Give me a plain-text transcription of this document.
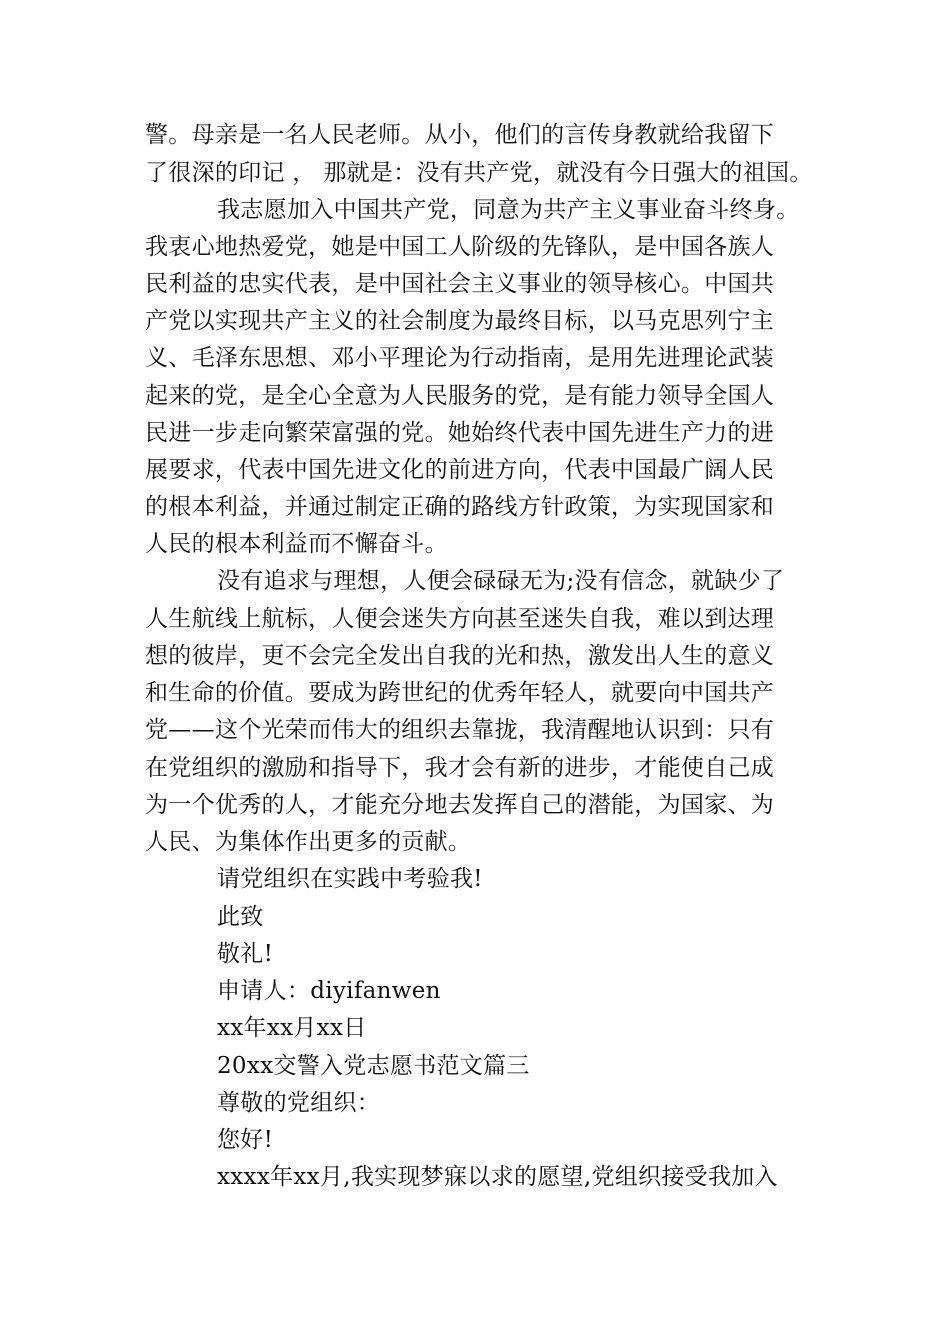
警。母亲是一名人民老师。从小，他们的言传身教就给我留下
了很深的印记 ， 那就是：没有共产党，就没有今日强大的祖国。
我志愿加入中国共产党，同意为共产主义事业奋斗终身。
我衷心地热爱党，她是中国工人阶级的先锋队，是中国各族人
民利益的忠实代表，是中国社会主义事业的领导核心。中国共
产党以实现共产主义的社会制度为最终目标，以马克思列宁主
义、毛泽东思想、邓小平理论为行动指南，是用先进理论武装
起来的党，是全心全意为人民服务的党，是有能力领导全国人
民进一步走向繁荣富强的党。她始终代表中国先进生产力的进
展要求，代表中国先进文化的前进方向，代表中国最广阔人民
的根本利益，并通过制定正确的路线方针政策，为实现国家和
人民的根本利益而不懈奋斗。
没有追求与理想，人便会碌碌无为;没有信念，就缺少了
人生航线上航标，人便会迷失方向甚至迷失自我，难以到达理
想的彼岸，更不会完全发出自我的光和热，激发出人生的意义
和生命的价值。要成为跨世纪的优秀年轻人，就要向中国共产
党——这个光荣而伟大的组织去靠拢，我清醒地认识到：只有
在党组织的激励和指导下，我才会有新的进步，才能使自己成
为一个优秀的人，才能充分地去发挥自己的潜能，为国家、为
人民、为集体作出更多的贡献。
请党组织在实践中考验我!
此致
敬礼!
申请人：diyifanwen
xx年xx月xx日
20xx交警入党志愿书范文篇三
尊敬的党组织：
您好!
xxxx年xx月,我实现梦寐以求的愿望,党组织接受我加入
